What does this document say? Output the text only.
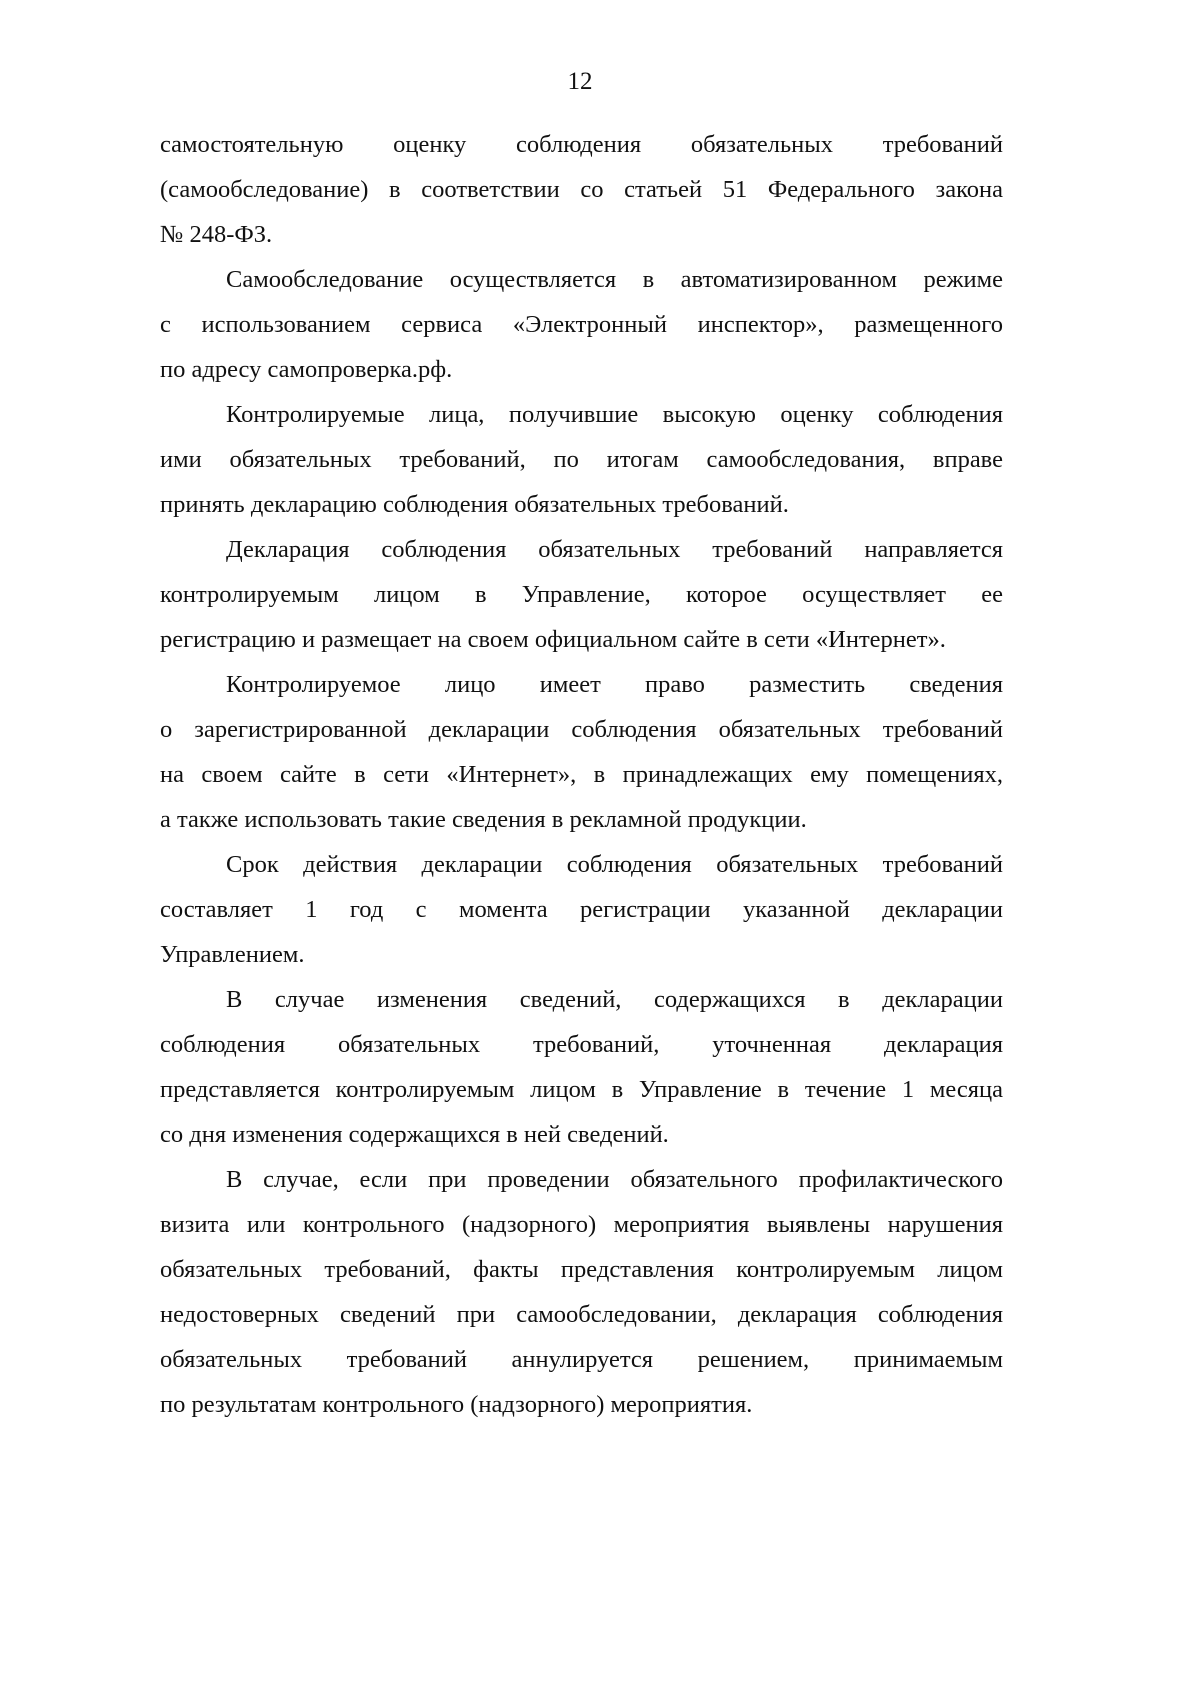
12

самостоятельную оценку соблюдения обязательных требований
(самообследование) в соответствии со статьей 51 Федерального закона
№ 248-ФЗ.

Самообследование осуществляется в автоматизированном режиме
с использованием сервиса «Электронный инспектор», размещенного
по адресу самопроверка.рф.

Контролируемые лица, получившие высокую оценку соблюдения
ими обязательных требований, по итогам самообследования, вправе
принять декларацию соблюдения обязательных требований.

Декларация соблюдения обязательных требований направляется
контролируемым лицом в Управление, которое осуществляет ее
регистрацию и размещает на своем официальном сайте в сети «Интернет».

Контролируемое лицо имеет право разместить сведения
о зарегистрированной декларации соблюдения обязательных требований
на своем сайте в сети «Интернет», в принадлежащих ему помещениях,
а также использовать такие сведения в рекламной продукции.

Срок действия декларации соблюдения обязательных требований
составляет 1 год с момента регистрации указанной декларации
Управлением.

В случае изменения сведений, содержащихся в декларации
соблюдения обязательных требований, уточненная декларация
представляется контролируемым лицом в Управление в течение 1 месяца
со дня изменения содержащихся в ней сведений.

В случае, если при проведении обязательного профилактического
визита или контрольного (надзорного) мероприятия выявлены нарушения
обязательных требований, факты представления контролируемым лицом
недостоверных сведений при самообследовании, декларация соблюдения
обязательных требований аннулируется решением, принимаемым
по результатам контрольного (надзорного) мероприятия.
